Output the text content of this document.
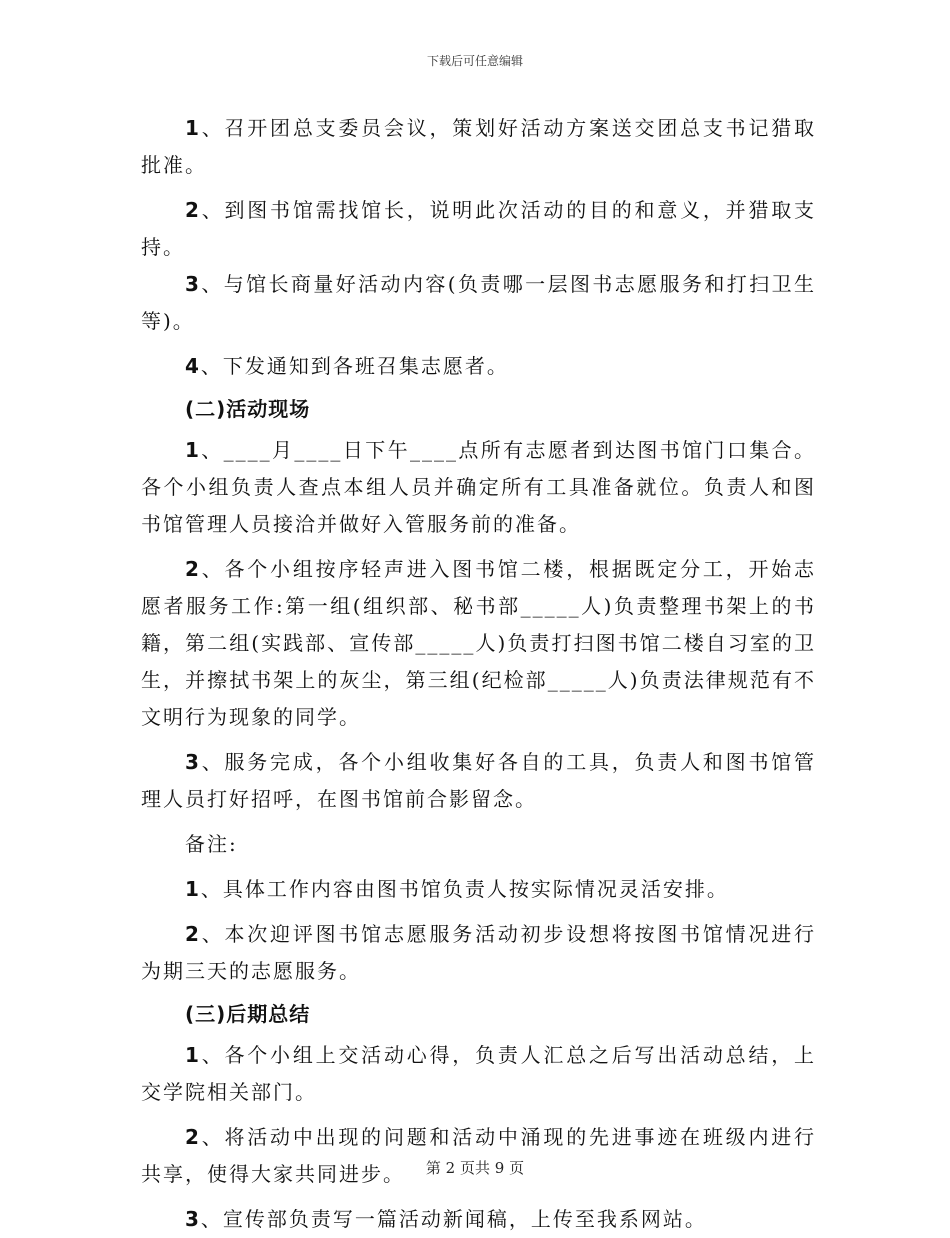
下载后可任意编辑

1、召开团总支委员会议，策划好活动方案送交团总支书记猎取批准。

2、到图书馆需找馆长，说明此次活动的目的和意义，并猎取支持。

3、与馆长商量好活动内容(负责哪一层图书志愿服务和打扫卫生等)。

4、下发通知到各班召集志愿者。

(二)活动现场

1、____月____日下午____点所有志愿者到达图书馆门口集合。各个小组负责人查点本组人员并确定所有工具准备就位。负责人和图书馆管理人员接洽并做好入管服务前的准备。

2、各个小组按序轻声进入图书馆二楼，根据既定分工，开始志愿者服务工作:第一组(组织部、秘书部_____人)负责整理书架上的书籍，第二组(实践部、宣传部_____人)负责打扫图书馆二楼自习室的卫生，并擦拭书架上的灰尘，第三组(纪检部_____人)负责法律规范有不文明行为现象的同学。

3、服务完成，各个小组收集好各自的工具，负责人和图书馆管理人员打好招呼，在图书馆前合影留念。

备注:

1、具体工作内容由图书馆负责人按实际情况灵活安排。

2、本次迎评图书馆志愿服务活动初步设想将按图书馆情况进行为期三天的志愿服务。

(三)后期总结

1、各个小组上交活动心得，负责人汇总之后写出活动总结，上交学院相关部门。

2、将活动中出现的问题和活动中涌现的先进事迹在班级内进行共享，使得大家共同进步。

3、宣传部负责写一篇活动新闻稿，上传至我系网站。

第 2 页共 9 页
